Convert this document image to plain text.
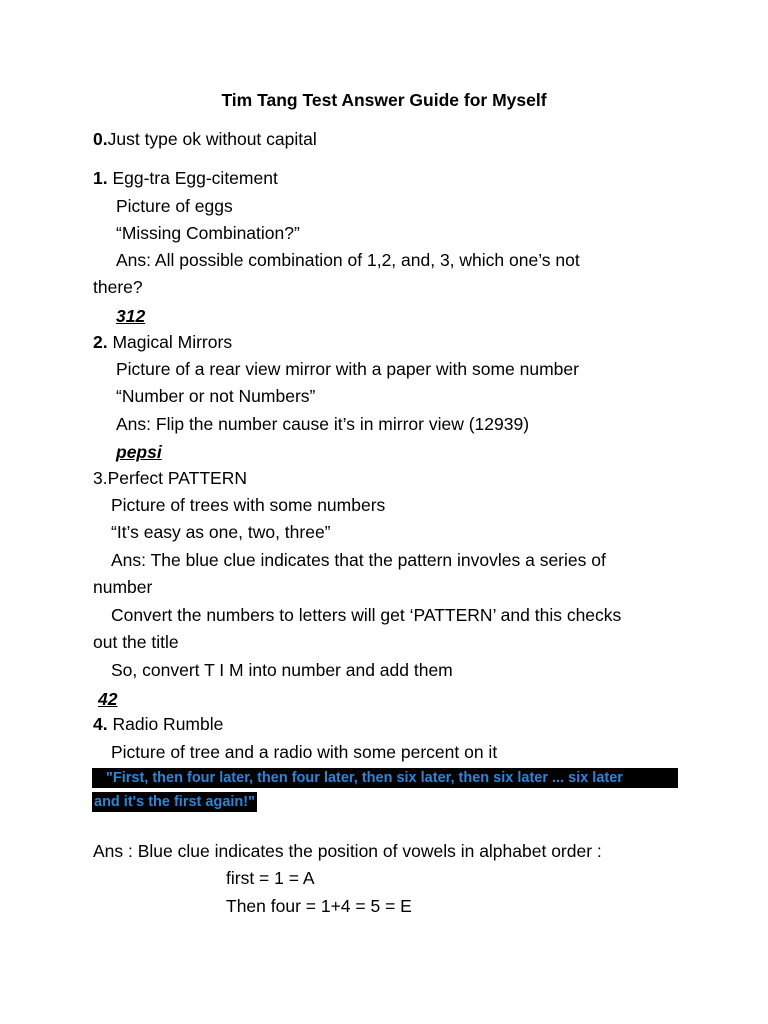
Tim Tang Test Answer Guide for Myself
0.Just type ok without capital
1. Egg-tra Egg-citement
Picture of eggs
“Missing Combination?”
Ans: All possible combination of 1,2, and, 3, which one’s not
there?
312
2. Magical Mirrors
Picture of a rear view mirror with a paper with some number
“Number or not Numbers”
Ans: Flip the number cause it’s in mirror view (12939)
pepsi
3.Perfect PATTERN
Picture of trees with some numbers
“It’s easy as one, two, three”
Ans: The blue clue indicates that the pattern invovles a series of
number
Convert the numbers to letters will get ‘PATTERN’ and this checks
out the title
So, convert T I M into number and add them
42
4. Radio Rumble
Picture of tree and a radio with some percent on it
"First, then four later, then four later, then six later, then six later ... six later
and it's the first again!"
Ans : Blue clue indicates the position of vowels in alphabet order :
first = 1 = A
Then four = 1+4 = 5 = E
